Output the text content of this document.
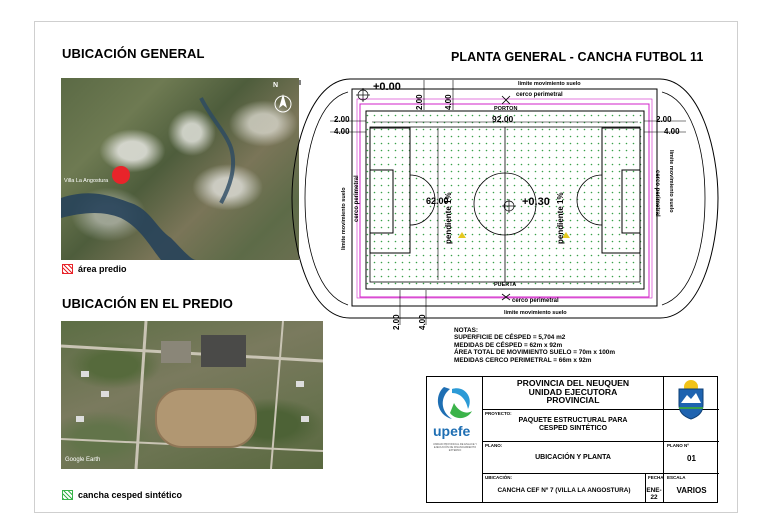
UBICACIÓN GENERAL
UBICACIÓN EN EL PREDIO
PLANTA GENERAL - CANCHA FUTBOL 11
N
Villa La Angostura
área predio
Google Earth
cancha cesped sintético
límite movimiento suelo
cerco perimetral
PORTON
92.00
PUERTA
cerco perimetral
límite movimiento suelo
62.00	+0.30
+0.00
2.00
4.00
2.00
4.00
2.00	4.00
2.00 4.00
límite movimiento suelo cerco perimetral	límite movimiento suelo
cerco perimetral
pendiente 1%	pendiente 1%
NOTAS:
SUPERFICIE DE CÉSPED = 5,704 m2
MEDIDAS DE CÉSPED = 62m x 92m
ÁREA TOTAL DE MOVIMIENTO SUELO = 70m x 100m
MEDIDAS CERCO PERIMETRAL = 66m x 92m
upefe
UNIDAD PROVINCIAL DE ENLACE Y EJECUCIÓN DE FINANCIAMIENTO EXTERNO
PROVINCIA DEL NEUQUEN
UNIDAD EJECUTORA
PROVINCIAL
PROYECTO:
PAQUETE ESTRUCTURAL PARA
CESPED SINTÉTICO
PLANO:
UBICACIÓN Y PLANTA
PLANO Nº
01
UBICACIÓN:
CANCHA CEF Nº 7 (VILLA LA ANGOSTURA)
FECHA
ENE-22
ESCALA
VARIOS
